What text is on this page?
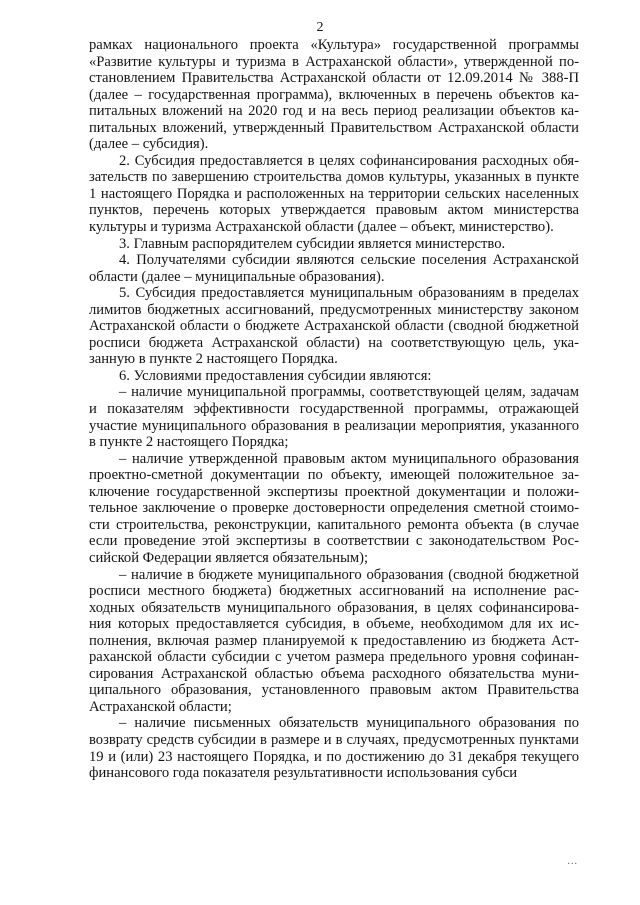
2

рамках национального проекта «Культура» государственной программы «Развитие культуры и туризма в Астраханской области», утвержденной постановлением Правительства Астраханской области от 12.09.2014 № 388-П (далее – государственная программа), включенных в перечень объектов капитальных вложений на 2020 год и на весь период реализации объектов капитальных вложений, утвержденный Правительством Астраханской области (далее – субсидия).

2. Субсидия предоставляется в целях софинансирования расходных обязательств по завершению строительства домов культуры, указанных в пункте 1 настоящего Порядка и расположенных на территории сельских населенных пунктов, перечень которых утверждается правовым актом министерства культуры и туризма Астраханской области (далее – объект, министерство).

3. Главным распорядителем субсидии является министерство.

4. Получателями субсидии являются сельские поселения Астраханской области (далее – муниципальные образования).

5. Субсидия предоставляется муниципальным образованиям в пределах лимитов бюджетных ассигнований, предусмотренных министерству законом Астраханской области о бюджете Астраханской области (сводной бюджетной росписи бюджета Астраханской области) на соответствующую цель, указанную в пункте 2 настоящего Порядка.

6. Условиями предоставления субсидии являются:

– наличие муниципальной программы, соответствующей целям, задачам и показателям эффективности государственной программы, отражающей участие муниципального образования в реализации мероприятия, указанного в пункте 2 настоящего Порядка;

– наличие утвержденной правовым актом муниципального образования проектно-сметной документации по объекту, имеющей положительное заключение государственной экспертизы проектной документации и положительное заключение о проверке достоверности определения сметной стоимости строительства, реконструкции, капитального ремонта объекта (в случае если проведение этой экспертизы в соответствии с законодательством Российской Федерации является обязательным);

– наличие в бюджете муниципального образования (сводной бюджетной росписи местного бюджета) бюджетных ассигнований на исполнение расходных обязательств муниципального образования, в целях софинансирования которых предоставляется субсидия, в объеме, необходимом для их исполнения, включая размер планируемой к предоставлению из бюджета Астраханской области субсидии с учетом размера предельного уровня софинансирования Астраханской областью объема расходного обязательства муниципального образования, установленного правовым актом Правительства Астраханской области;

– наличие письменных обязательств муниципального образования по возврату средств субсидии в размере и в случаях, предусмотренных пунктами 19 и (или) 23 настоящего Порядка, и по достижению до 31 декабря текущего финансового года показателя результативности использования субси

...
